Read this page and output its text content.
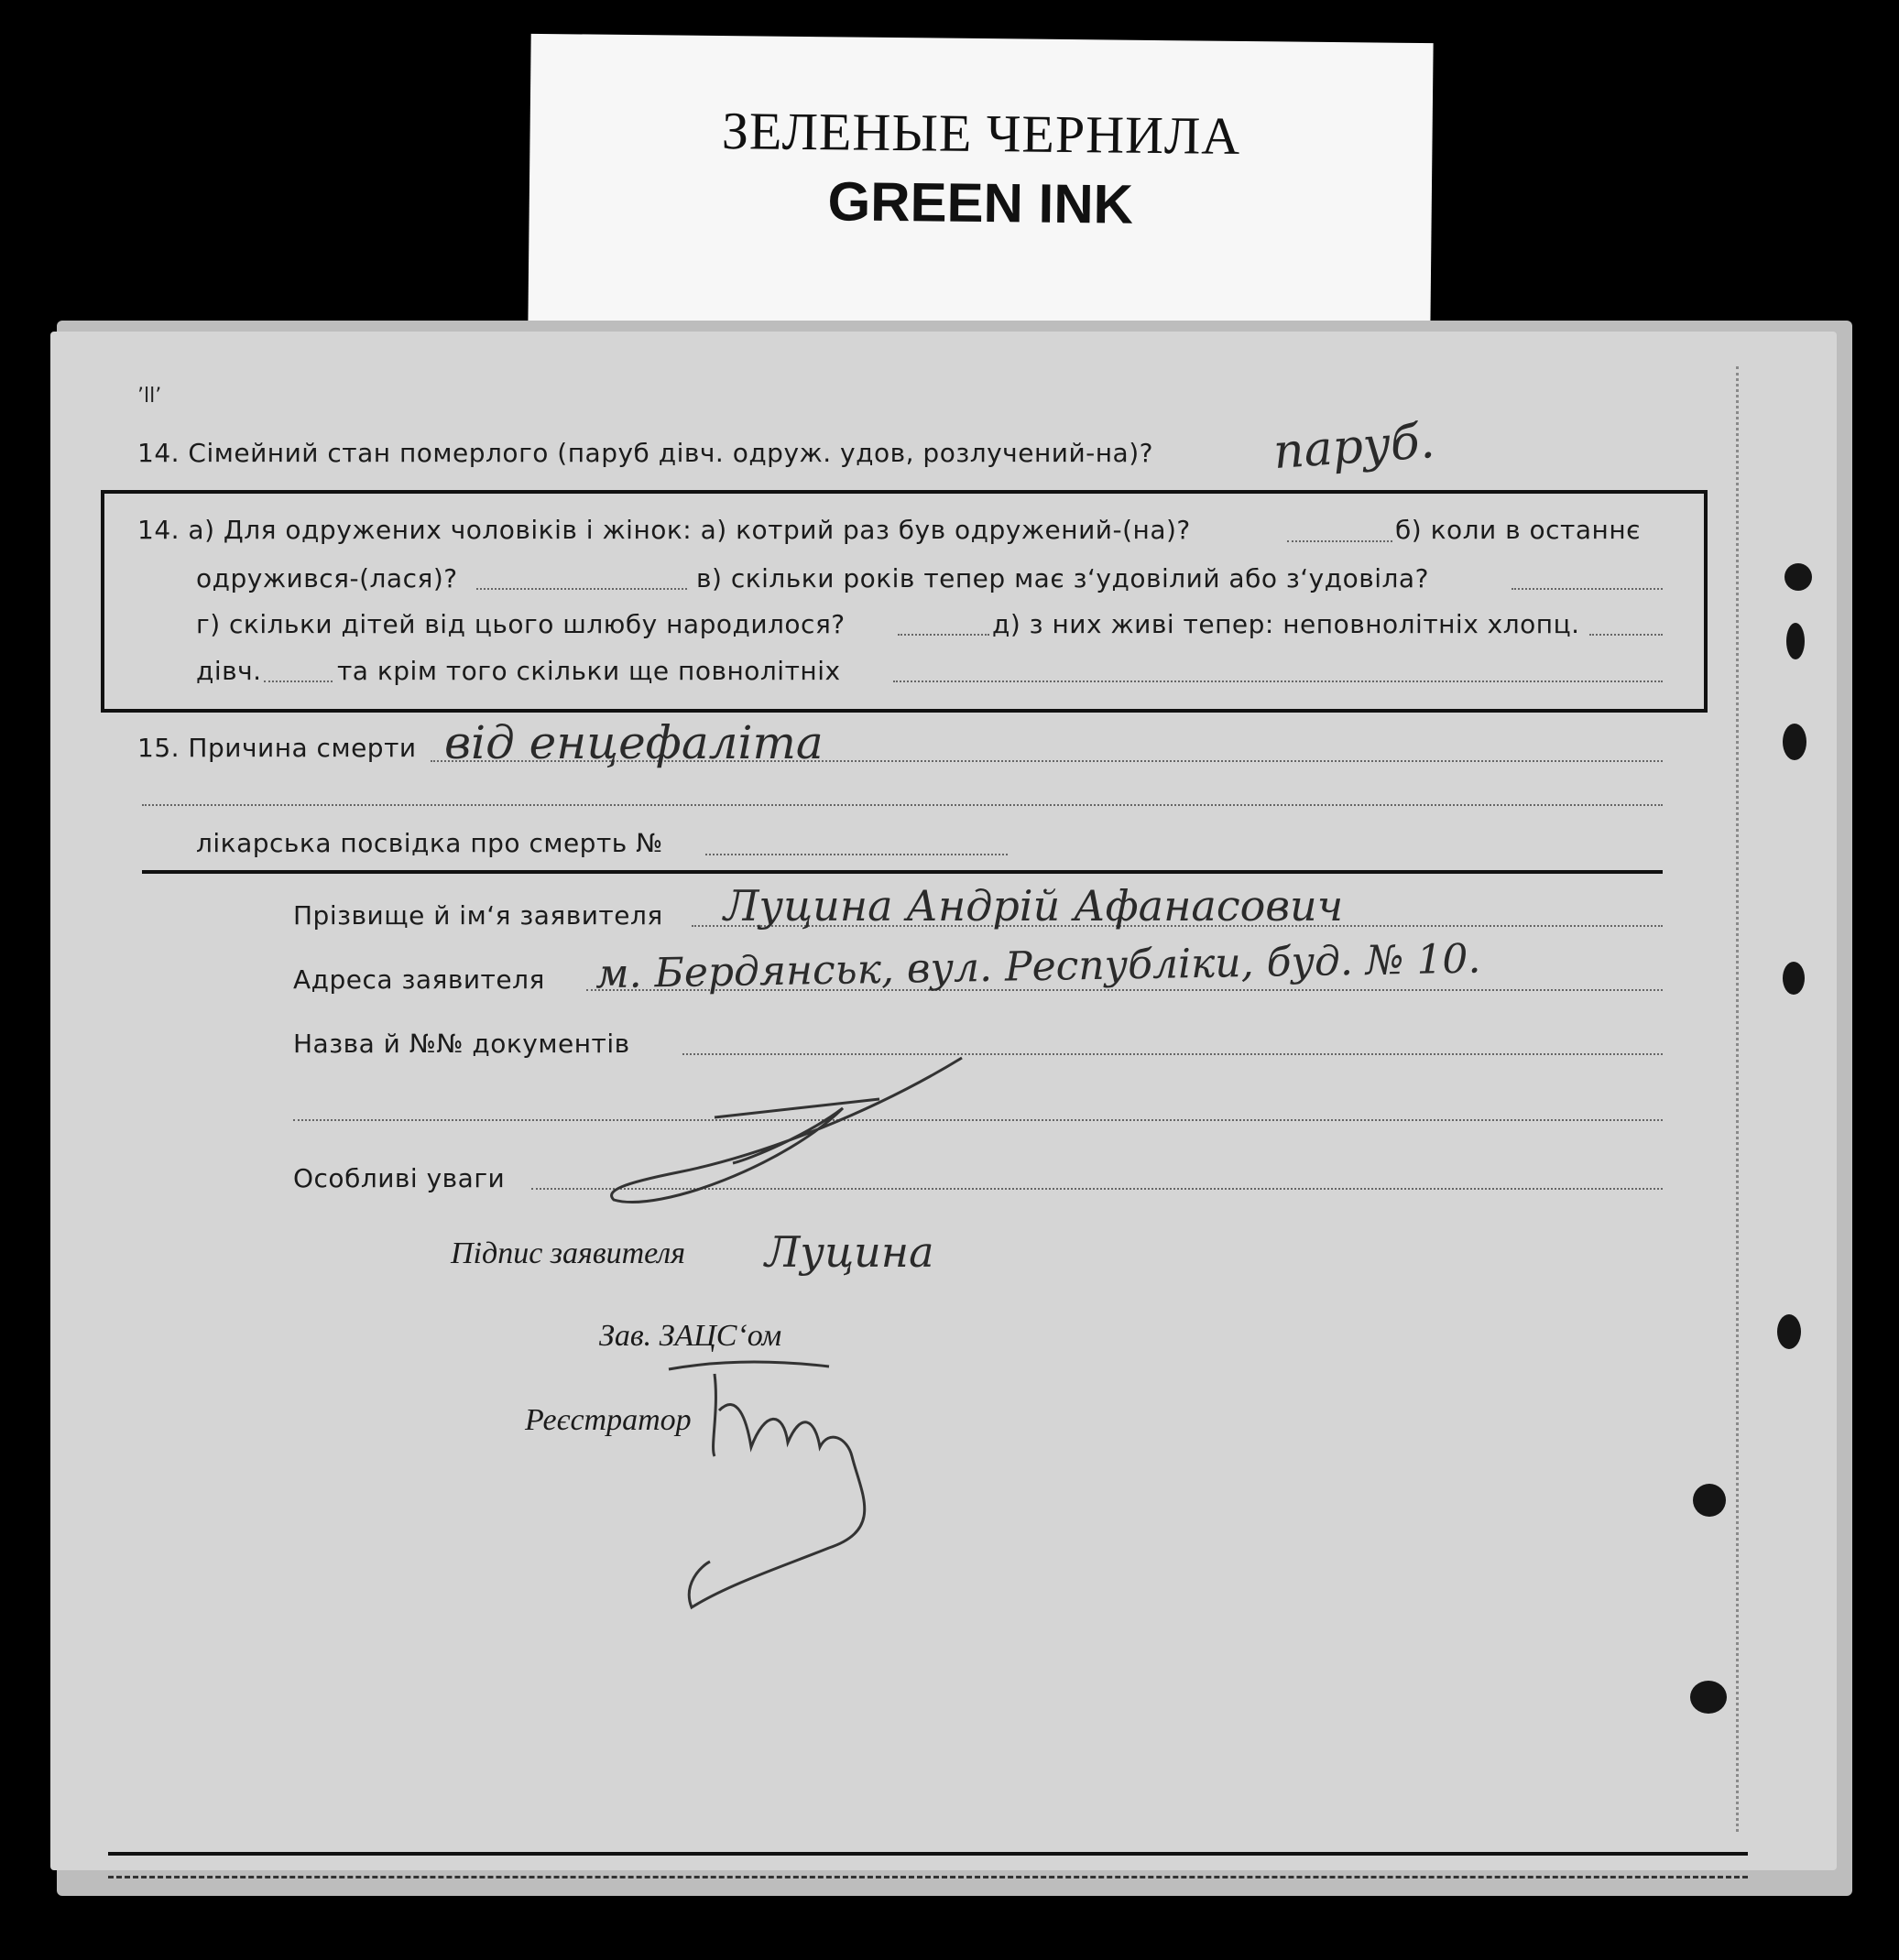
ЗЕЛЕНЫЕ ЧЕРНИЛА
GREEN INK
’ll’
14. Сімейний стан померлого (паруб дівч. одруж. удов, розлучений-на)? паруб.
14. а) Для одружених чоловіків і жінок: а) котрий раз був одружений-(на)?	б) коли в останнє
одружився-(лася)?	в) скільки років тепер має з‘удовілий або з‘удовіла?
г) скільки дітей від цього шлюбу народилося?	д) з них живі тепер: неповнолітніх хлопц.
дівч.	та крім того скільки ще повнолітніх
15. Причина смерти від енцефаліта
лікарська посвідка про смерть №
Прізвище й ім‘я заявителя Луцина Андрій Афанасович
Адреса заявителя м. Бердянськ, вул. Республіки, буд. № 10.
Назва й №№ документів
Особливі уваги
Підпис заявителя Луцина
Зав. ЗАЦС‘ом
Реєстратор
